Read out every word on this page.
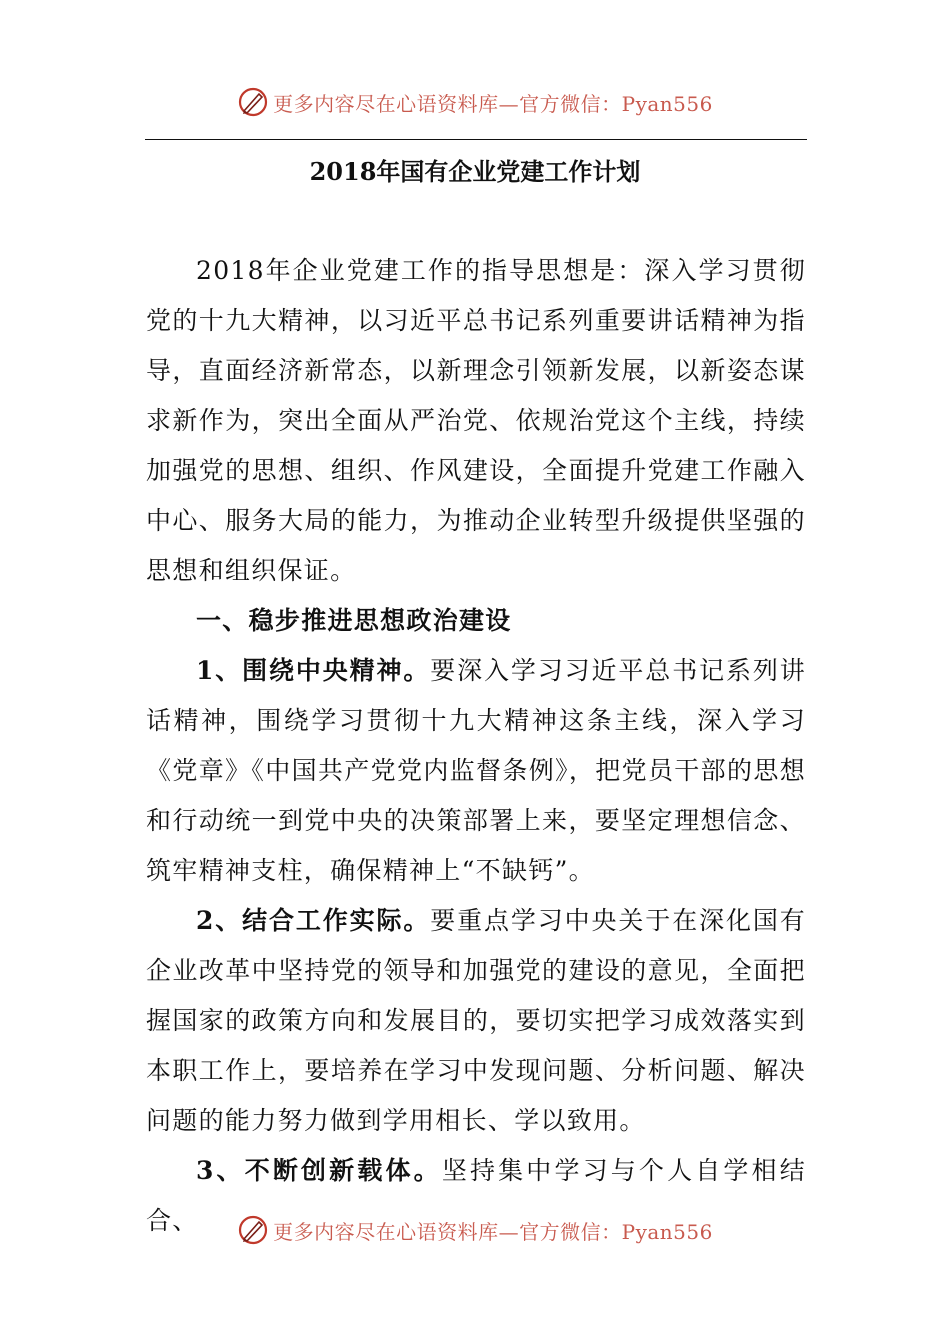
更多内容尽在心语资料库—官方微信：Pyan556
2018年国有企业党建工作计划

2018年企业党建工作的指导思想是：深入学习贯彻党的十九大精神，以习近平总书记系列重要讲话精神为指导，直面经济新常态，以新理念引领新发展，以新姿态谋求新作为，突出全面从严治党、依规治党这个主线，持续加强党的思想、组织、作风建设，全面提升党建工作融入中心、服务大局的能力，为推动企业转型升级提供坚强的思想和组织保证。

一、稳步推进思想政治建设

1、围绕中央精神。要深入学习习近平总书记系列讲话精神，围绕学习贯彻十九大精神这条主线，深入学习《党章》《中国共产党党内监督条例》，把党员干部的思想和行动统一到党中央的决策部署上来，要坚定理想信念、筑牢精神支柱，确保精神上“不缺钙”。

2、结合工作实际。要重点学习中央关于在深化国有企业改革中坚持党的领导和加强党的建设的意见，全面把握国家的政策方向和发展目的，要切实把学习成效落实到本职工作上，要培养在学习中发现问题、分析问题、解决问题的能力努力做到学用相长、学以致用。

3、不断创新载体。坚持集中学习与个人自学相结合、	更多内容尽在心语资料库—官方微信：Pyan556
